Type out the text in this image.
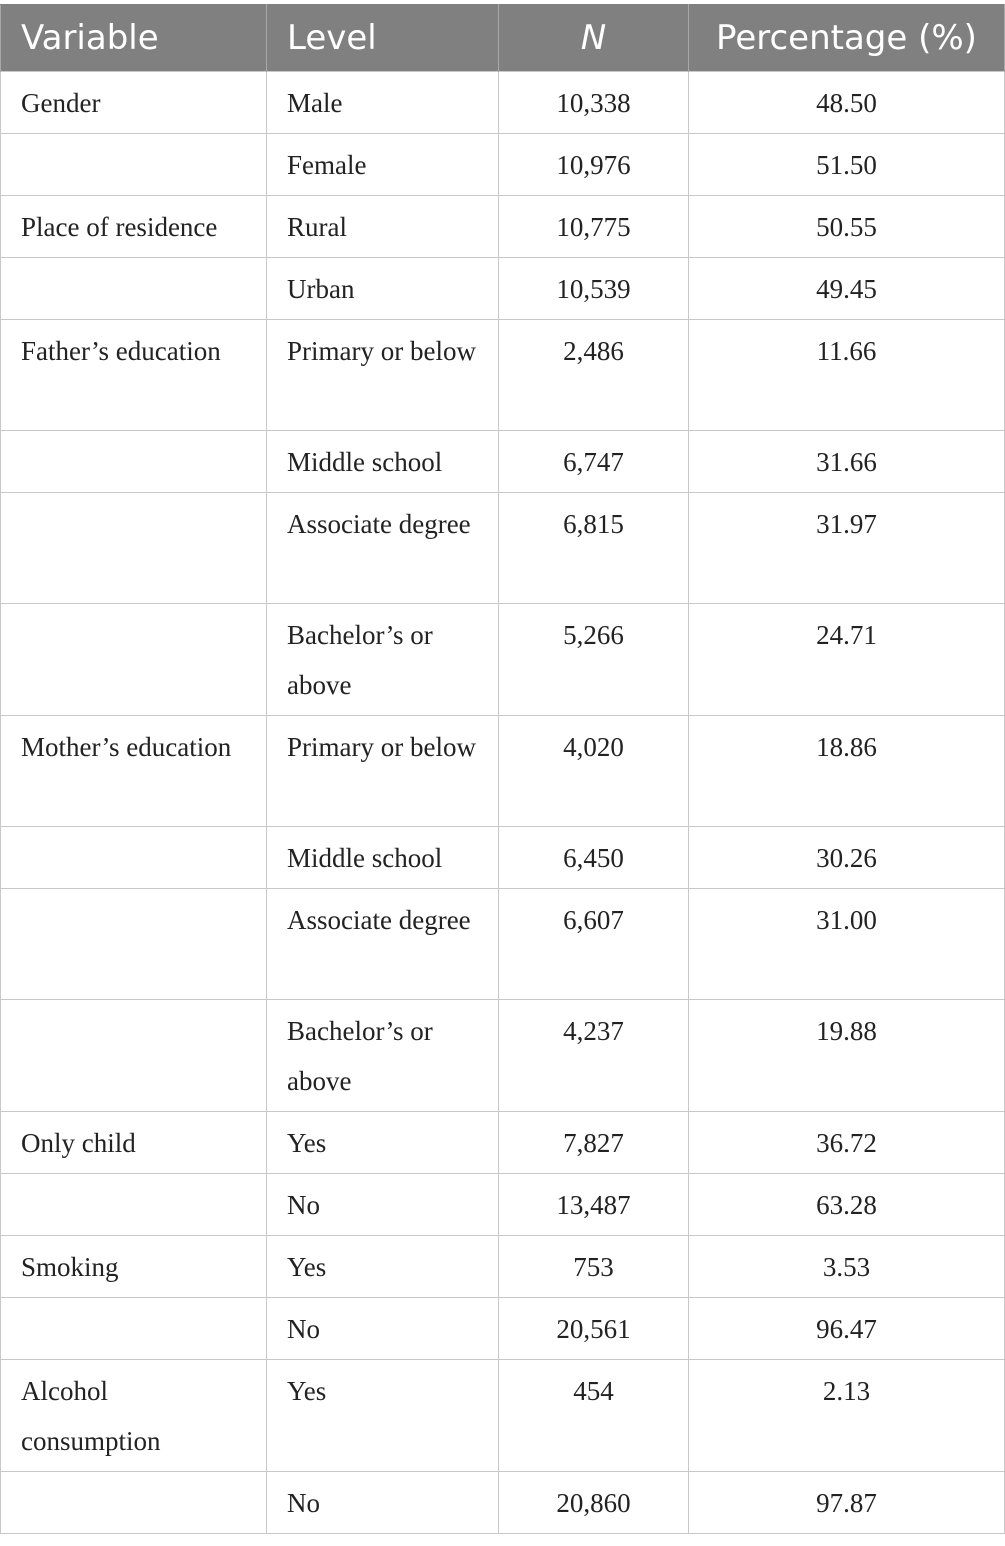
Variable	Level	N	Percentage (%)
Gender	Male	10,338	48.50
	Female	10,976	51.50
Place of residence	Rural	10,775	50.55
	Urban	10,539	49.45
Father’s education	Primary or below	2,486	11.66
	Middle school	6,747	31.66
	Associate degree	6,815	31.97
	Bachelor’s or above	5,266	24.71
Mother’s education	Primary or below	4,020	18.86
	Middle school	6,450	30.26
	Associate degree	6,607	31.00
	Bachelor’s or above	4,237	19.88
Only child	Yes	7,827	36.72
	No	13,487	63.28
Smoking	Yes	753	3.53
	No	20,561	96.47
Alcohol consumption	Yes	454	2.13
	No	20,860	97.87
